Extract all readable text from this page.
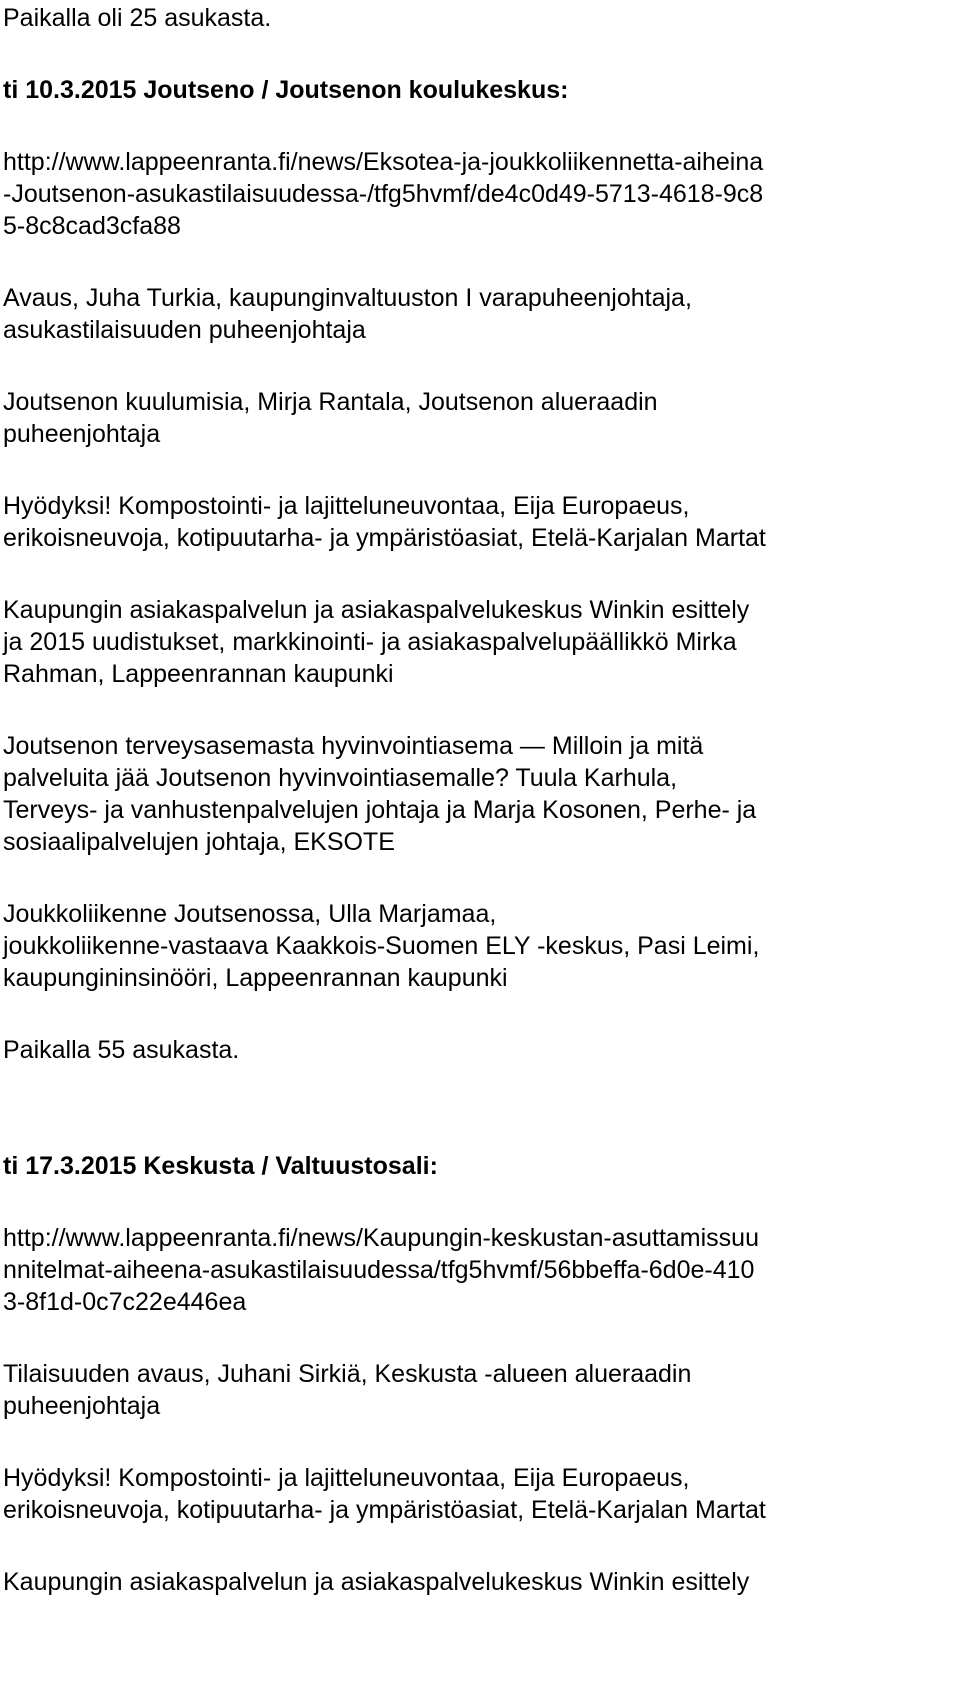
Paikalla oli 25 asukasta.
ti 10.3.2015 Joutseno / Joutsenon koulukeskus:
http://www.lappeenranta.fi/news/Eksotea-ja-joukkoliikennetta-aiheina
-Joutsenon-asukastilaisuudessa-/tfg5hvmf/de4c0d49-5713-4618-9c8
5-8c8cad3cfa88
Avaus, Juha Turkia, kaupunginvaltuuston I varapuheenjohtaja,
asukastilaisuuden puheenjohtaja
Joutsenon kuulumisia, Mirja Rantala, Joutsenon alueraadin
puheenjohtaja
Hyödyksi! Kompostointi- ja lajitteluneuvontaa, Eija Europaeus,
erikoisneuvoja, kotipuutarha- ja ympäristöasiat, Etelä-Karjalan Martat
Kaupungin asiakaspalvelun ja asiakaspalvelukeskus Winkin esittely
ja 2015 uudistukset, markkinointi- ja asiakaspalvelupäällikkö Mirka
Rahman, Lappeenrannan kaupunki
Joutsenon terveysasemasta hyvinvointiasema — Milloin ja mitä
palveluita jää Joutsenon hyvinvointiasemalle? Tuula Karhula,
Terveys- ja vanhustenpalvelujen johtaja ja Marja Kosonen, Perhe- ja
sosiaalipalvelujen johtaja, EKSOTE
Joukkoliikenne Joutsenossa, Ulla Marjamaa,
joukkoliikenne-vastaava Kaakkois-Suomen ELY -keskus, Pasi Leimi,
kaupungininsinööri, Lappeenrannan kaupunki
Paikalla 55 asukasta.
ti 17.3.2015 Keskusta / Valtuustosali:
http://www.lappeenranta.fi/news/Kaupungin-keskustan-asuttamissuu
nnitelmat-aiheena-asukastilaisuudessa/tfg5hvmf/56bbeffa-6d0e-410
3-8f1d-0c7c22e446ea
Tilaisuuden avaus, Juhani Sirkiä, Keskusta -alueen alueraadin
puheenjohtaja
Hyödyksi! Kompostointi- ja lajitteluneuvontaa, Eija Europaeus,
erikoisneuvoja, kotipuutarha- ja ympäristöasiat, Etelä-Karjalan Martat
Kaupungin asiakaspalvelun ja asiakaspalvelukeskus Winkin esittely
